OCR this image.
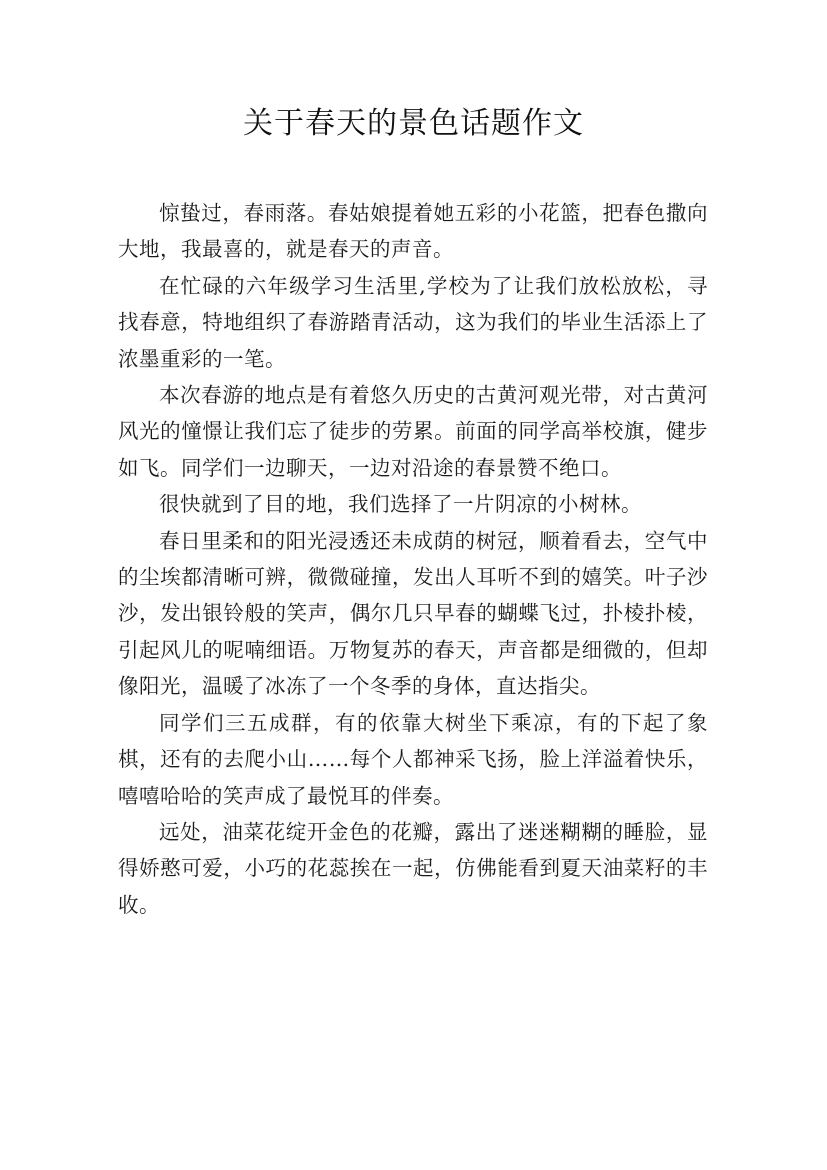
关于春天的景色话题作文

惊蛰过，春雨落。春姑娘提着她五彩的小花篮，把春色撒向大地，我最喜的，就是春天的声音。

在忙碌的六年级学习生活里,学校为了让我们放松放松，寻找春意，特地组织了春游踏青活动，这为我们的毕业生活添上了浓墨重彩的一笔。

本次春游的地点是有着悠久历史的古黄河观光带，对古黄河风光的憧憬让我们忘了徒步的劳累。前面的同学高举校旗，健步如飞。同学们一边聊天，一边对沿途的春景赞不绝口。

很快就到了目的地，我们选择了一片阴凉的小树林。

春日里柔和的阳光浸透还未成荫的树冠，顺着看去，空气中的尘埃都清晰可辨，微微碰撞，发出人耳听不到的嬉笑。叶子沙沙，发出银铃般的笑声，偶尔几只早春的蝴蝶飞过，扑棱扑棱，引起风儿的呢喃细语。万物复苏的春天，声音都是细微的，但却像阳光，温暖了冰冻了一个冬季的身体，直达指尖。

同学们三五成群，有的依靠大树坐下乘凉，有的下起了象棋，还有的去爬小山……每个人都神采飞扬，脸上洋溢着快乐，嘻嘻哈哈的笑声成了最悦耳的伴奏。

远处，油菜花绽开金色的花瓣，露出了迷迷糊糊的睡脸，显得娇憨可爱，小巧的花蕊挨在一起，仿佛能看到夏天油菜籽的丰收。
